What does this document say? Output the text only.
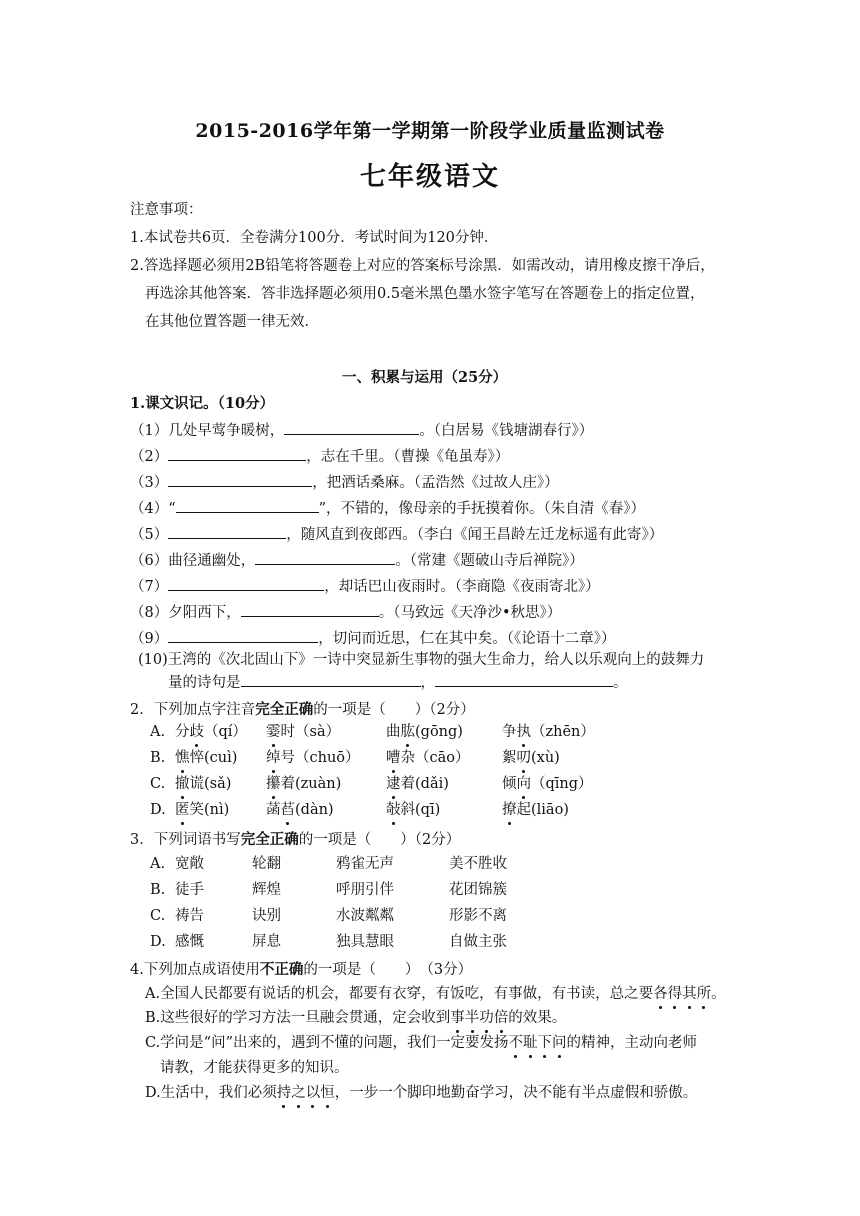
2015-2016学年第一学期第一阶段学业质量监测试卷
七年级语文
注意事项：
1.本试卷共6页．全卷满分100分．考试时间为120分钟．
2.答选择题必须用2B铅笔将答题卷上对应的答案标号涂黑．如需改动，请用橡皮擦干净后，
再选涂其他答案．答非选择题必须用0.5毫米黑色墨水签字笔写在答题卷上的指定位置，
在其他位置答题一律无效．
一、积累与运用（25分）
1.课文识记。（10分）
（1）几处早莺争暖树，	。（白居易《钱塘湖春行》）
（2）	，志在千里。（曹操《龟虽寿》）
（3）	，把酒话桑麻。（孟浩然《过故人庄》）
（4）“	”，不错的，像母亲的手抚摸着你。（朱自清《春》）
（5）	，随风直到夜郎西。（李白《闻王昌龄左迁龙标遥有此寄》）
（6）曲径通幽处，	。（常建《题破山寺后禅院》）
（7）	，却话巴山夜雨时。（李商隐《夜雨寄北》）
（8）夕阳西下，	。（马致远《天净沙•秋思》）
（9）	，切问而近思，仁在其中矣。（《论语十二章》）
(10)王湾的《次北固山下》一诗中突显新生事物的强大生命力，给人以乐观向上的鼓舞力
量的诗句是	，	。
2．下列加点字注音完全正确的一项是（　　）（2分）
A. 分歧（qí） 霎时（sà）	曲肱(gōng)	争执（zhēn）
B. 憔悴(cuì) 绰号（chuō） 嘈杂（cāo） 絮叨(xù)
C. 撤谎(sǎ) 攥着(zuàn)	逮着(dǎi)	倾向（qīng）
D. 匿笑(nì)	菡萏(dàn)	敧斜(qī)	撩起(liāo)
3．下列词语书写完全正确的一项是（　　）（2分）
A. 宽敞	轮翻	鸦雀无声	美不胜收
B. 徒手	辉煌	呼朋引伴	花团锦簇
C. 祷告	诀别	水波粼粼	形影不离
D. 感慨	屏息	独具慧眼	自做主张
4.下列加点成语使用不正确的一项是（　　）　（3分）
A.全国人民都要有说话的机会，都要有衣穿，有饭吃，有事做，有书读，总之要各得其所。
B.这些很好的学习方法一旦融会贯通，定会收到事半功倍的效果。
C.学问是“问”出来的，遇到不懂的问题，我们一定要发扬不耻下问的精神，主动向老师
请教，才能获得更多的知识。
D.生活中，我们必须持之以恒，一步一个脚印地勤奋学习，决不能有半点虚假和骄傲。
